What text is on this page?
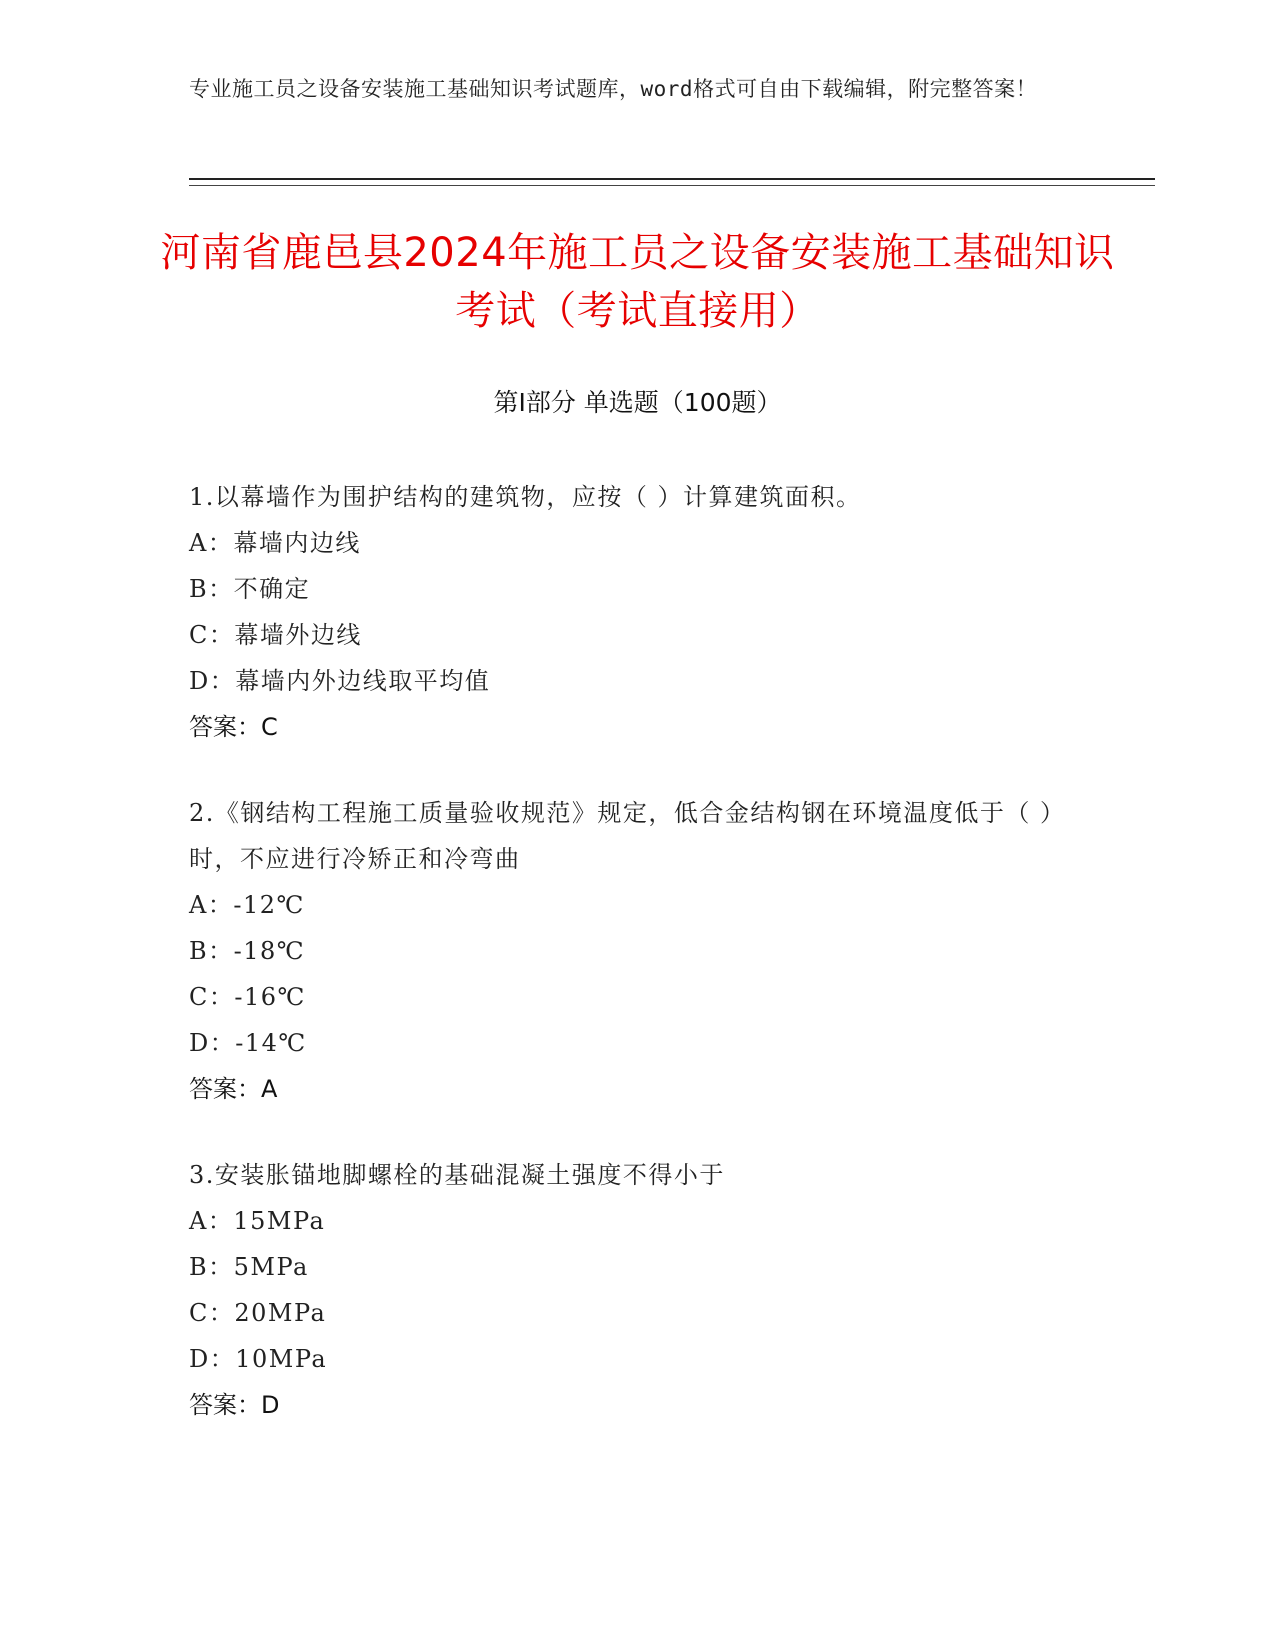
专业施工员之设备安装施工基础知识考试题库，word格式可自由下载编辑，附完整答案！
河南省鹿邑县2024年施工员之设备安装施工基础知识考试（考试直接用）
第Ⅰ部分 单选题（100题）
1.以幕墙作为围护结构的建筑物，应按（ ）计算建筑面积。
A：幕墙内边线
B：不确定
C：幕墙外边线
D：幕墙内外边线取平均值
答案：C
2.《钢结构工程施工质量验收规范》规定，低合金结构钢在环境温度低于（ ）时，不应进行冷矫正和冷弯曲
A：-12℃
B：-18℃
C：-16℃
D：-14℃
答案：A
3.安装胀锚地脚螺栓的基础混凝土强度不得小于
A：15MPa
B：5MPa
C：20MPa
D：10MPa
答案：D
